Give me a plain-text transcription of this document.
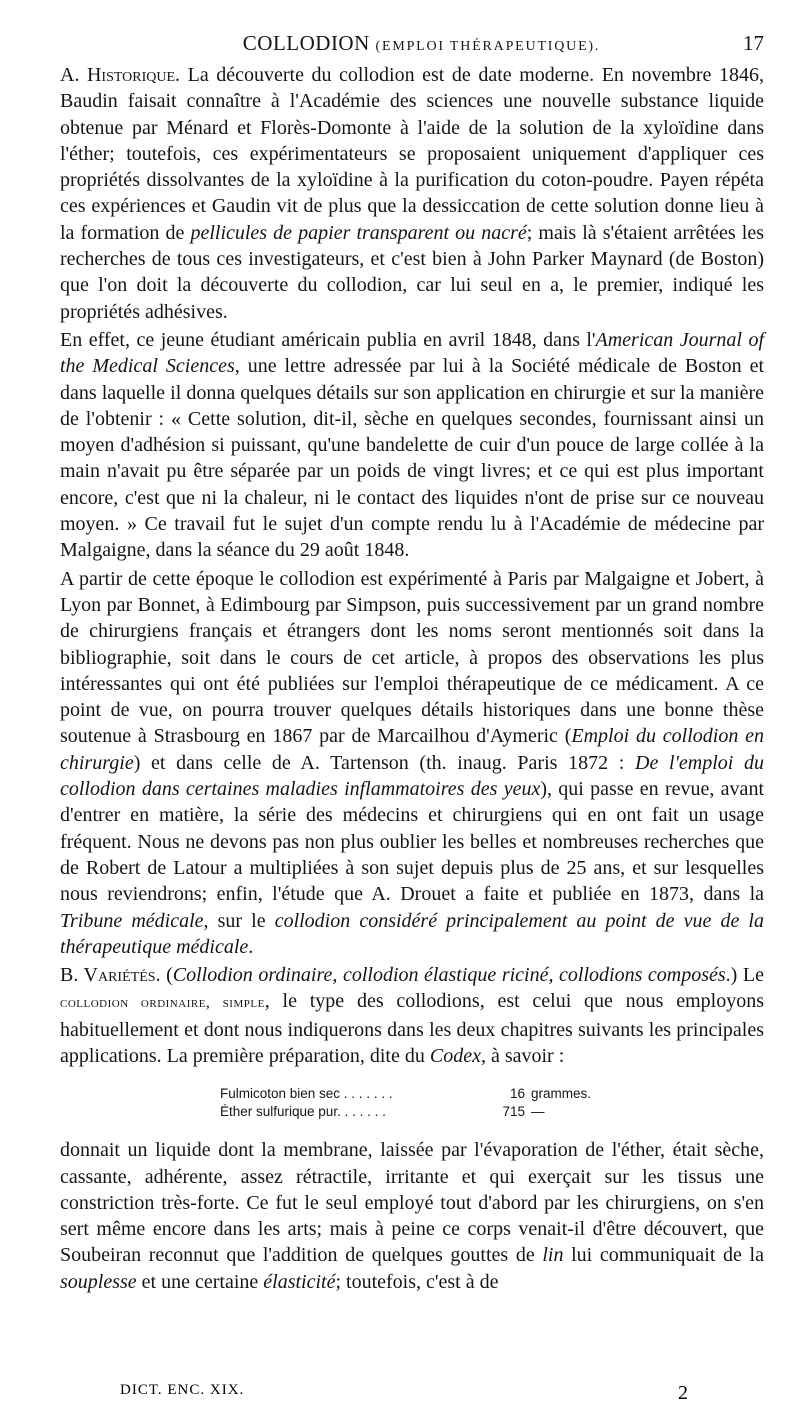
COLLODION (EMPLOI THÉRAPEUTIQUE).	17

A. Historique. La découverte du collodion est de date moderne. En novembre 1846, Baudin faisait connaître à l'Académie des sciences une nouvelle substance liquide obtenue par Ménard et Florès-Domonte à l'aide de la solution de la xyloïdine dans l'éther; toutefois, ces expérimentateurs se proposaient uniquement d'appliquer ces propriétés dissolvantes de la xyloïdine à la purification du coton-poudre. Payen répéta ces expériences et Gaudin vit de plus que la dessiccation de cette solution donne lieu à la formation de pellicules de papier transparent ou nacré; mais là s'étaient arrêtées les recherches de tous ces investigateurs, et c'est bien à John Parker Maynard (de Boston) que l'on doit la découverte du collodion, car lui seul en a, le premier, indiqué les propriétés adhésives.

En effet, ce jeune étudiant américain publia en avril 1848, dans l'American Journal of the Medical Sciences, une lettre adressée par lui à la Société médicale de Boston et dans laquelle il donna quelques détails sur son application en chirurgie et sur la manière de l'obtenir : « Cette solution, dit-il, sèche en quelques secondes, fournissant ainsi un moyen d'adhésion si puissant, qu'une bandelette de cuir d'un pouce de large collée à la main n'avait pu être séparée par un poids de vingt livres; et ce qui est plus important encore, c'est que ni la chaleur, ni le contact des liquides n'ont de prise sur ce nouveau moyen. » Ce travail fut le sujet d'un compte rendu lu à l'Académie de médecine par Malgaigne, dans la séance du 29 août 1848.

A partir de cette époque le collodion est expérimenté à Paris par Malgaigne et Jobert, à Lyon par Bonnet, à Edimbourg par Simpson, puis successivement par un grand nombre de chirurgiens français et étrangers dont les noms seront mentionnés soit dans la bibliographie, soit dans le cours de cet article, à propos des observations les plus intéressantes qui ont été publiées sur l'emploi thérapeutique de ce médicament. A ce point de vue, on pourra trouver quelques détails historiques dans une bonne thèse soutenue à Strasbourg en 1867 par de Marcailhou d'Aymeric (Emploi du collodion en chirurgie) et dans celle de A. Tartenson (th. inaug. Paris 1872 : De l'emploi du collodion dans certaines maladies inflammatoires des yeux), qui passe en revue, avant d'entrer en matière, la série des médecins et chirurgiens qui en ont fait un usage fréquent. Nous ne devons pas non plus oublier les belles et nombreuses recherches que de Robert de Latour a multipliées à son sujet depuis plus de 25 ans, et sur lesquelles nous reviendrons; enfin, l'étude que A. Drouet a faite et publiée en 1873, dans la Tribune médicale, sur le collodion considéré principalement au point de vue de la thérapeutique médicale.

B. Variétés. (Collodion ordinaire, collodion élastique riciné, collodions composés.) Le collodion ordinaire, simple, le type des collodions, est celui que nous employons habituellement et dont nous indiquerons dans les deux chapitres suivants les principales applications. La première préparation, dite du Codex, à savoir :

Fulmicoton bien sec . . . . . . .	16 grammes.
Éther sulfurique pur. . . . . . .	715 —

donnait un liquide dont la membrane, laissée par l'évaporation de l'éther, était sèche, cassante, adhérente, assez rétractile, irritante et qui exerçait sur les tissus une constriction très-forte. Ce fut le seul employé tout d'abord par les chirurgiens, on s'en sert même encore dans les arts; mais à peine ce corps venait-il d'être découvert, que Soubeiran reconnut que l'addition de quelques gouttes de lin lui communiquait de la souplesse et une certaine élasticité; toutefois, c'est à de

DICT. ENC. XIX.	2
